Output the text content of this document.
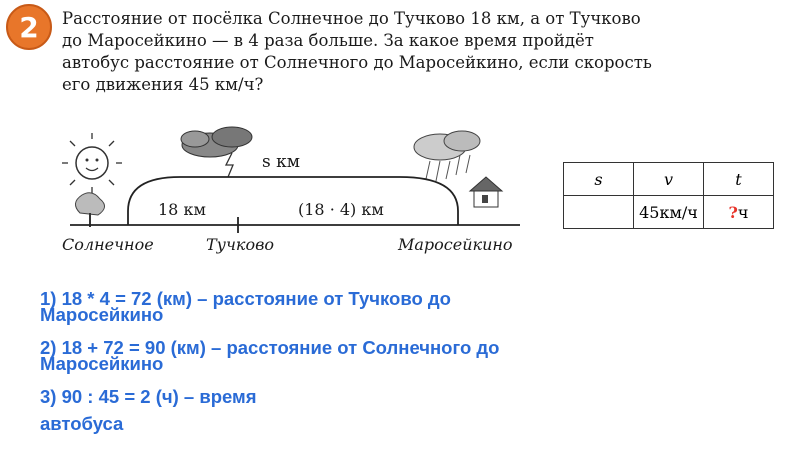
2 Расстояние от посёлка Солнечное до Тучково 18 км, а от Тучково
до Маросейкино — в 4 раза больше. За какое время пройдёт
автобус расстояние от Солнечного до Маросейкино, если скорость
его движения 45 км/ч?
s км
18 км	(18 · 4) км
Солнечное	Тучково	Маросейкино
s	v	t
	45км/ч	?ч
1) 18 * 4 = 72 (км) – расстояние от Тучково до
Маросейкино
2) 18 + 72 = 90 (км) – расстояние от Солнечного до
Маросейкино
3) 90 : 45 = 2 (ч) – время
автобуса
